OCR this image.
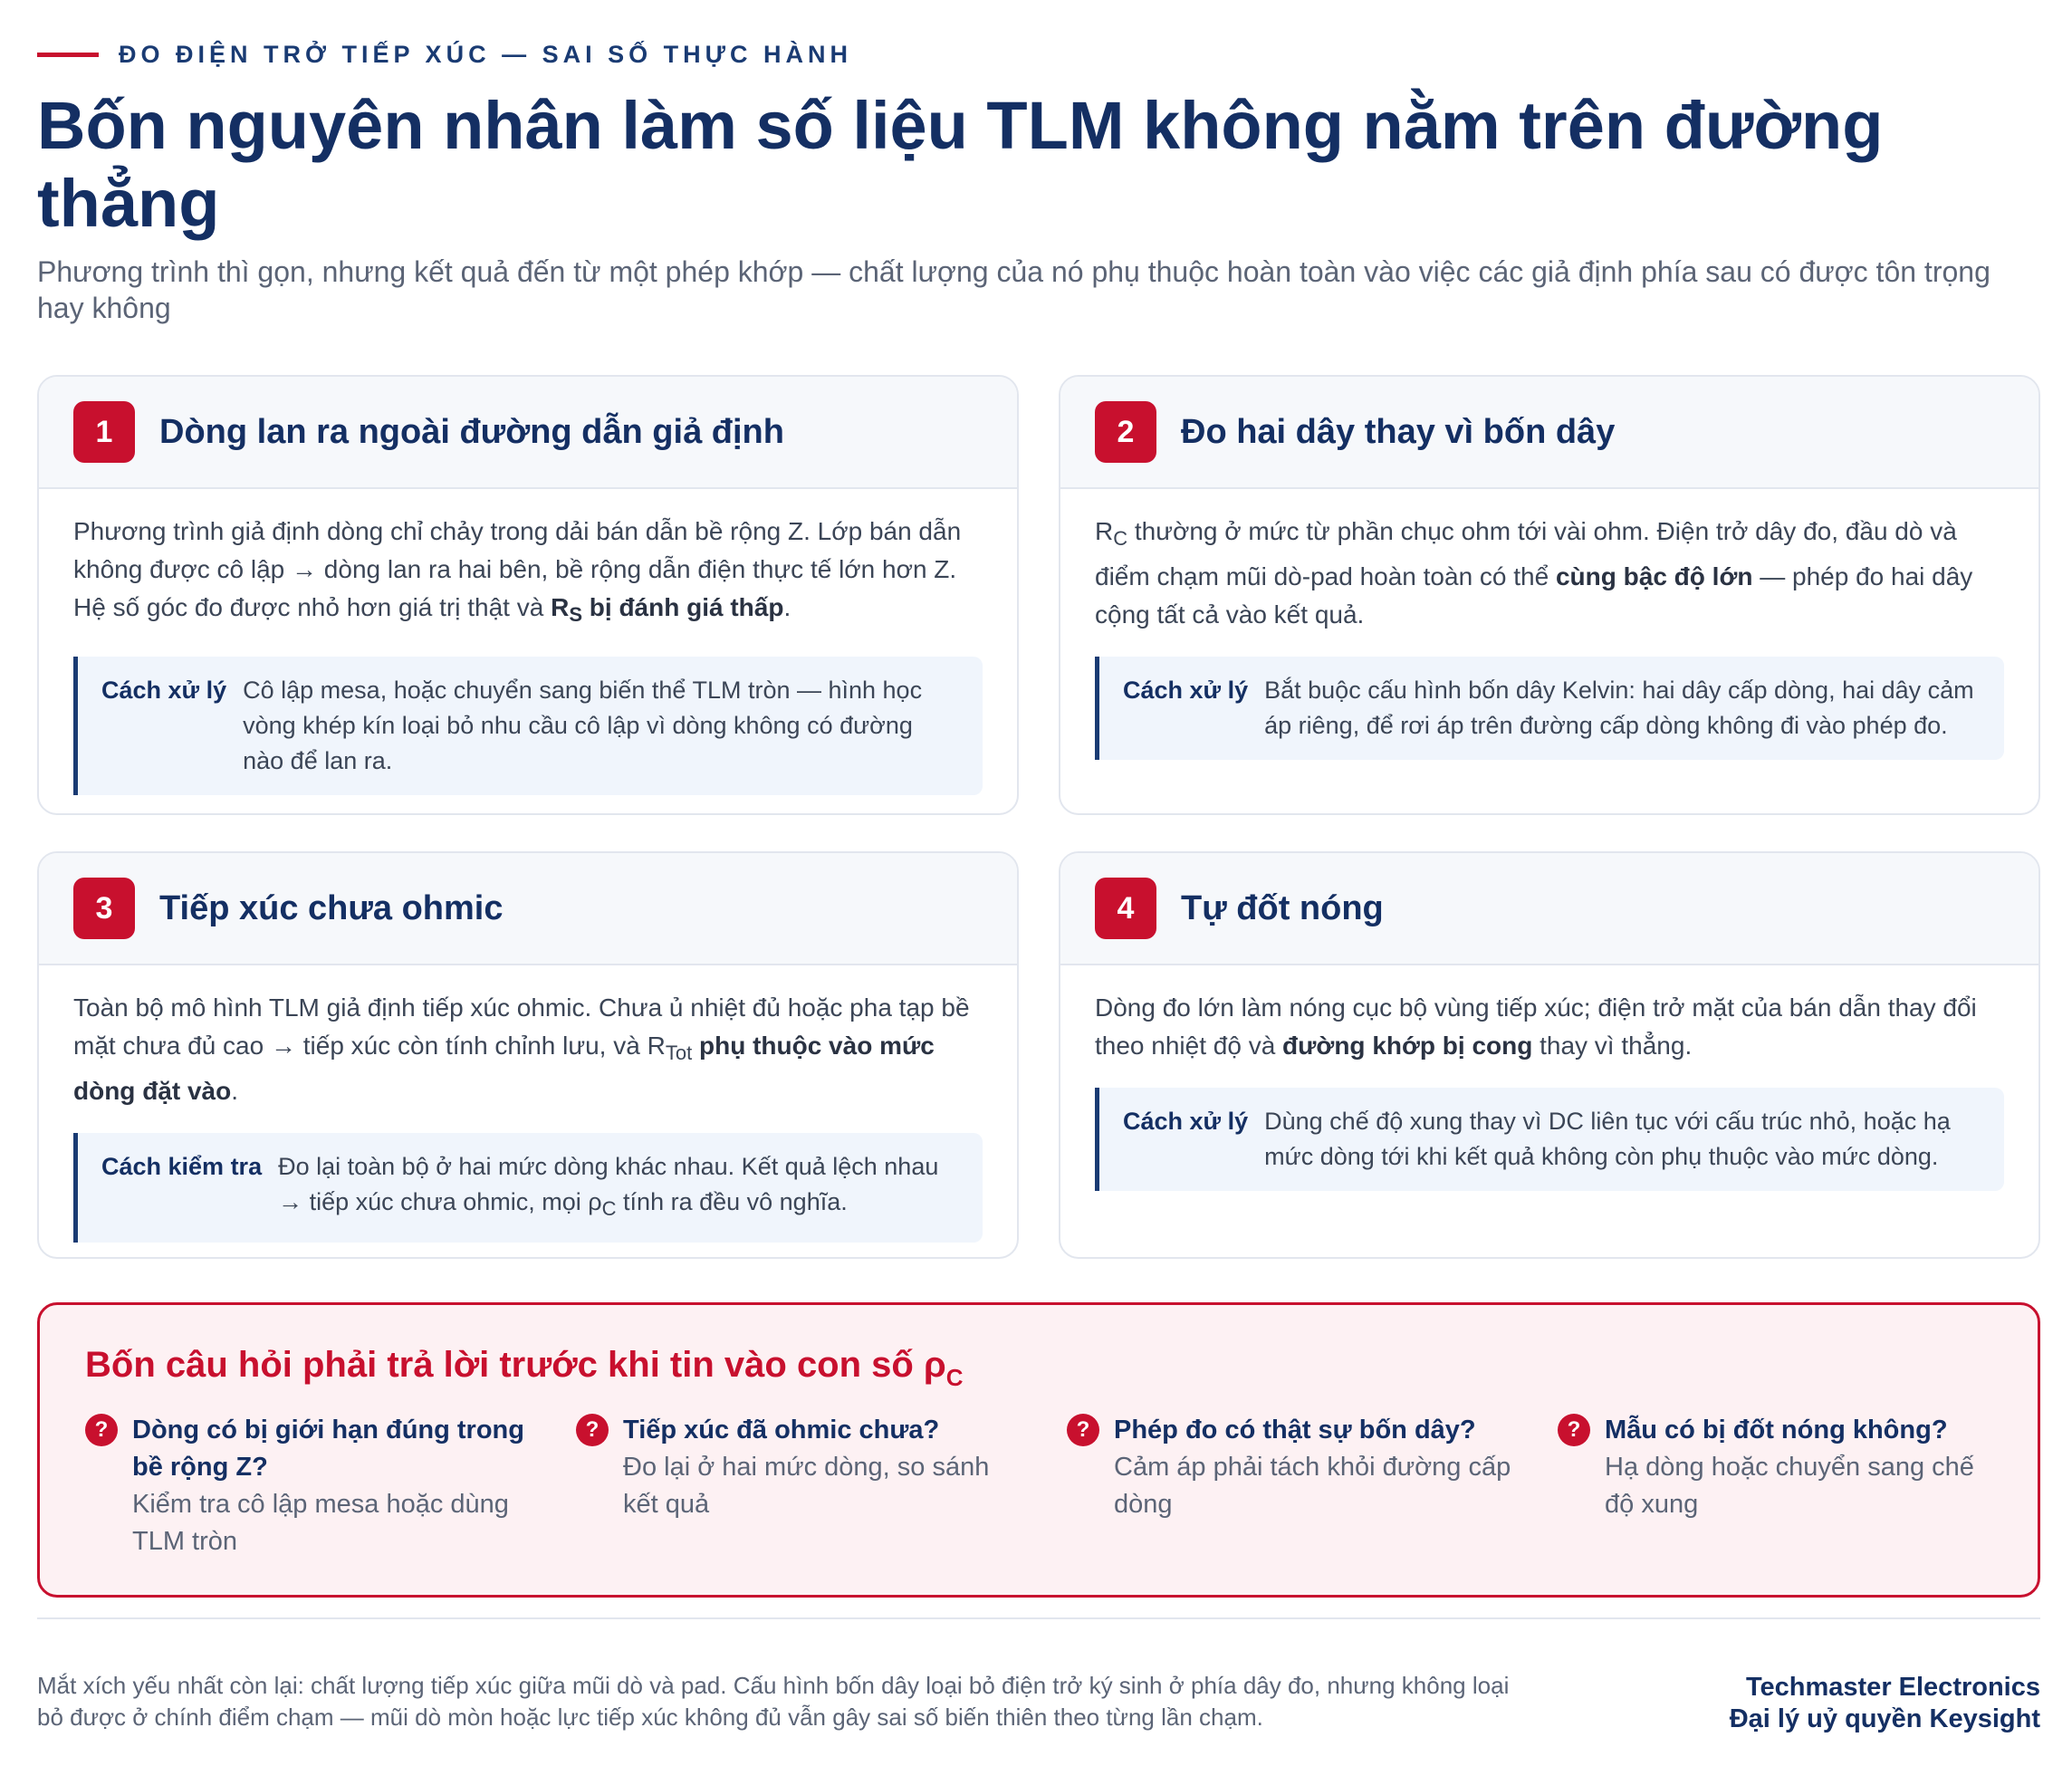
ĐO ĐIỆN TRỞ TIẾP XÚC — SAI SỐ THỰC HÀNH
Bốn nguyên nhân làm số liệu TLM không nằm trên đường thẳng

Phương trình thì gọn, nhưng kết quả đến từ một phép khớp — chất lượng của nó phụ thuộc hoàn toàn vào việc các giả định phía sau có được tôn trọng hay không

1	Dòng lan ra ngoài đường dẫn giả định
Phương trình giả định dòng chỉ chảy trong dải bán dẫn bề rộng Z. Lớp bán dẫn không được cô lập → dòng lan ra hai bên, bề rộng dẫn điện thực tế lớn hơn Z. Hệ số góc đo được nhỏ hơn giá trị thật và $R_S$ bị đánh giá thấp.
Cách xử lý Cô lập mesa, hoặc chuyển sang biến thể TLM tròn — hình học vòng khép kín loại bỏ nhu cầu cô lập vì dòng không có đường nào để lan ra.
2	Đo hai dây thay vì bốn dây
$R_C$ thường ở mức từ phần chục ohm tới vài ohm. Điện trở dây đo, đầu dò và điểm chạm mũi dò-pad hoàn toàn có thể cùng bậc độ lớn — phép đo hai dây cộng tất cả vào kết quả.
Cách xử lý Bắt buộc cấu hình bốn dây Kelvin: hai dây cấp dòng, hai dây cảm áp riêng, để rơi áp trên đường cấp dòng không đi vào phép đo.
3	Tiếp xúc chưa ohmic
Toàn bộ mô hình TLM giả định tiếp xúc ohmic. Chưa ủ nhiệt đủ hoặc pha tạp bề mặt chưa đủ cao → tiếp xúc còn tính chỉnh lưu, và $R_{Tot}$ phụ thuộc vào mức dòng đặt vào.
Cách kiểm tra Đo lại toàn bộ ở hai mức dòng khác nhau. Kết quả lệch nhau → tiếp xúc chưa ohmic, mọi $\rho_C$ tính ra đều vô nghĩa.
4	Tự đốt nóng
Dòng đo lớn làm nóng cục bộ vùng tiếp xúc; điện trở mặt của bán dẫn thay đổi theo nhiệt độ và đường khớp bị cong thay vì thẳng.
Cách xử lý Dùng chế độ xung thay vì DC liên tục với cấu trúc nhỏ, hoặc hạ mức dòng tới khi kết quả không còn phụ thuộc vào mức dòng.
Bốn câu hỏi phải trả lời trước khi tin vào con số $\rho_C$
? Dòng có bị giới hạn đúng trong bề rộng Z?
Kiểm tra cô lập mesa hoặc dùng TLM tròn
? Tiếp xúc đã ohmic chưa?
Đo lại ở hai mức dòng, so sánh kết quả
? Phép đo có thật sự bốn dây?
Cảm áp phải tách khỏi đường cấp dòng
? Mẫu có bị đốt nóng không?
Hạ dòng hoặc chuyển sang chế độ xung

Mắt xích yếu nhất còn lại: chất lượng tiếp xúc giữa mũi dò và pad. Cấu hình bốn dây loại bỏ điện trở ký sinh ở phía dây đo, nhưng không loại bỏ được ở chính điểm chạm — mũi dò mòn hoặc lực tiếp xúc không đủ vẫn gây sai số biến thiên theo từng lần chạm.

Techmaster Electronics
Đại lý uỷ quyền Keysight
